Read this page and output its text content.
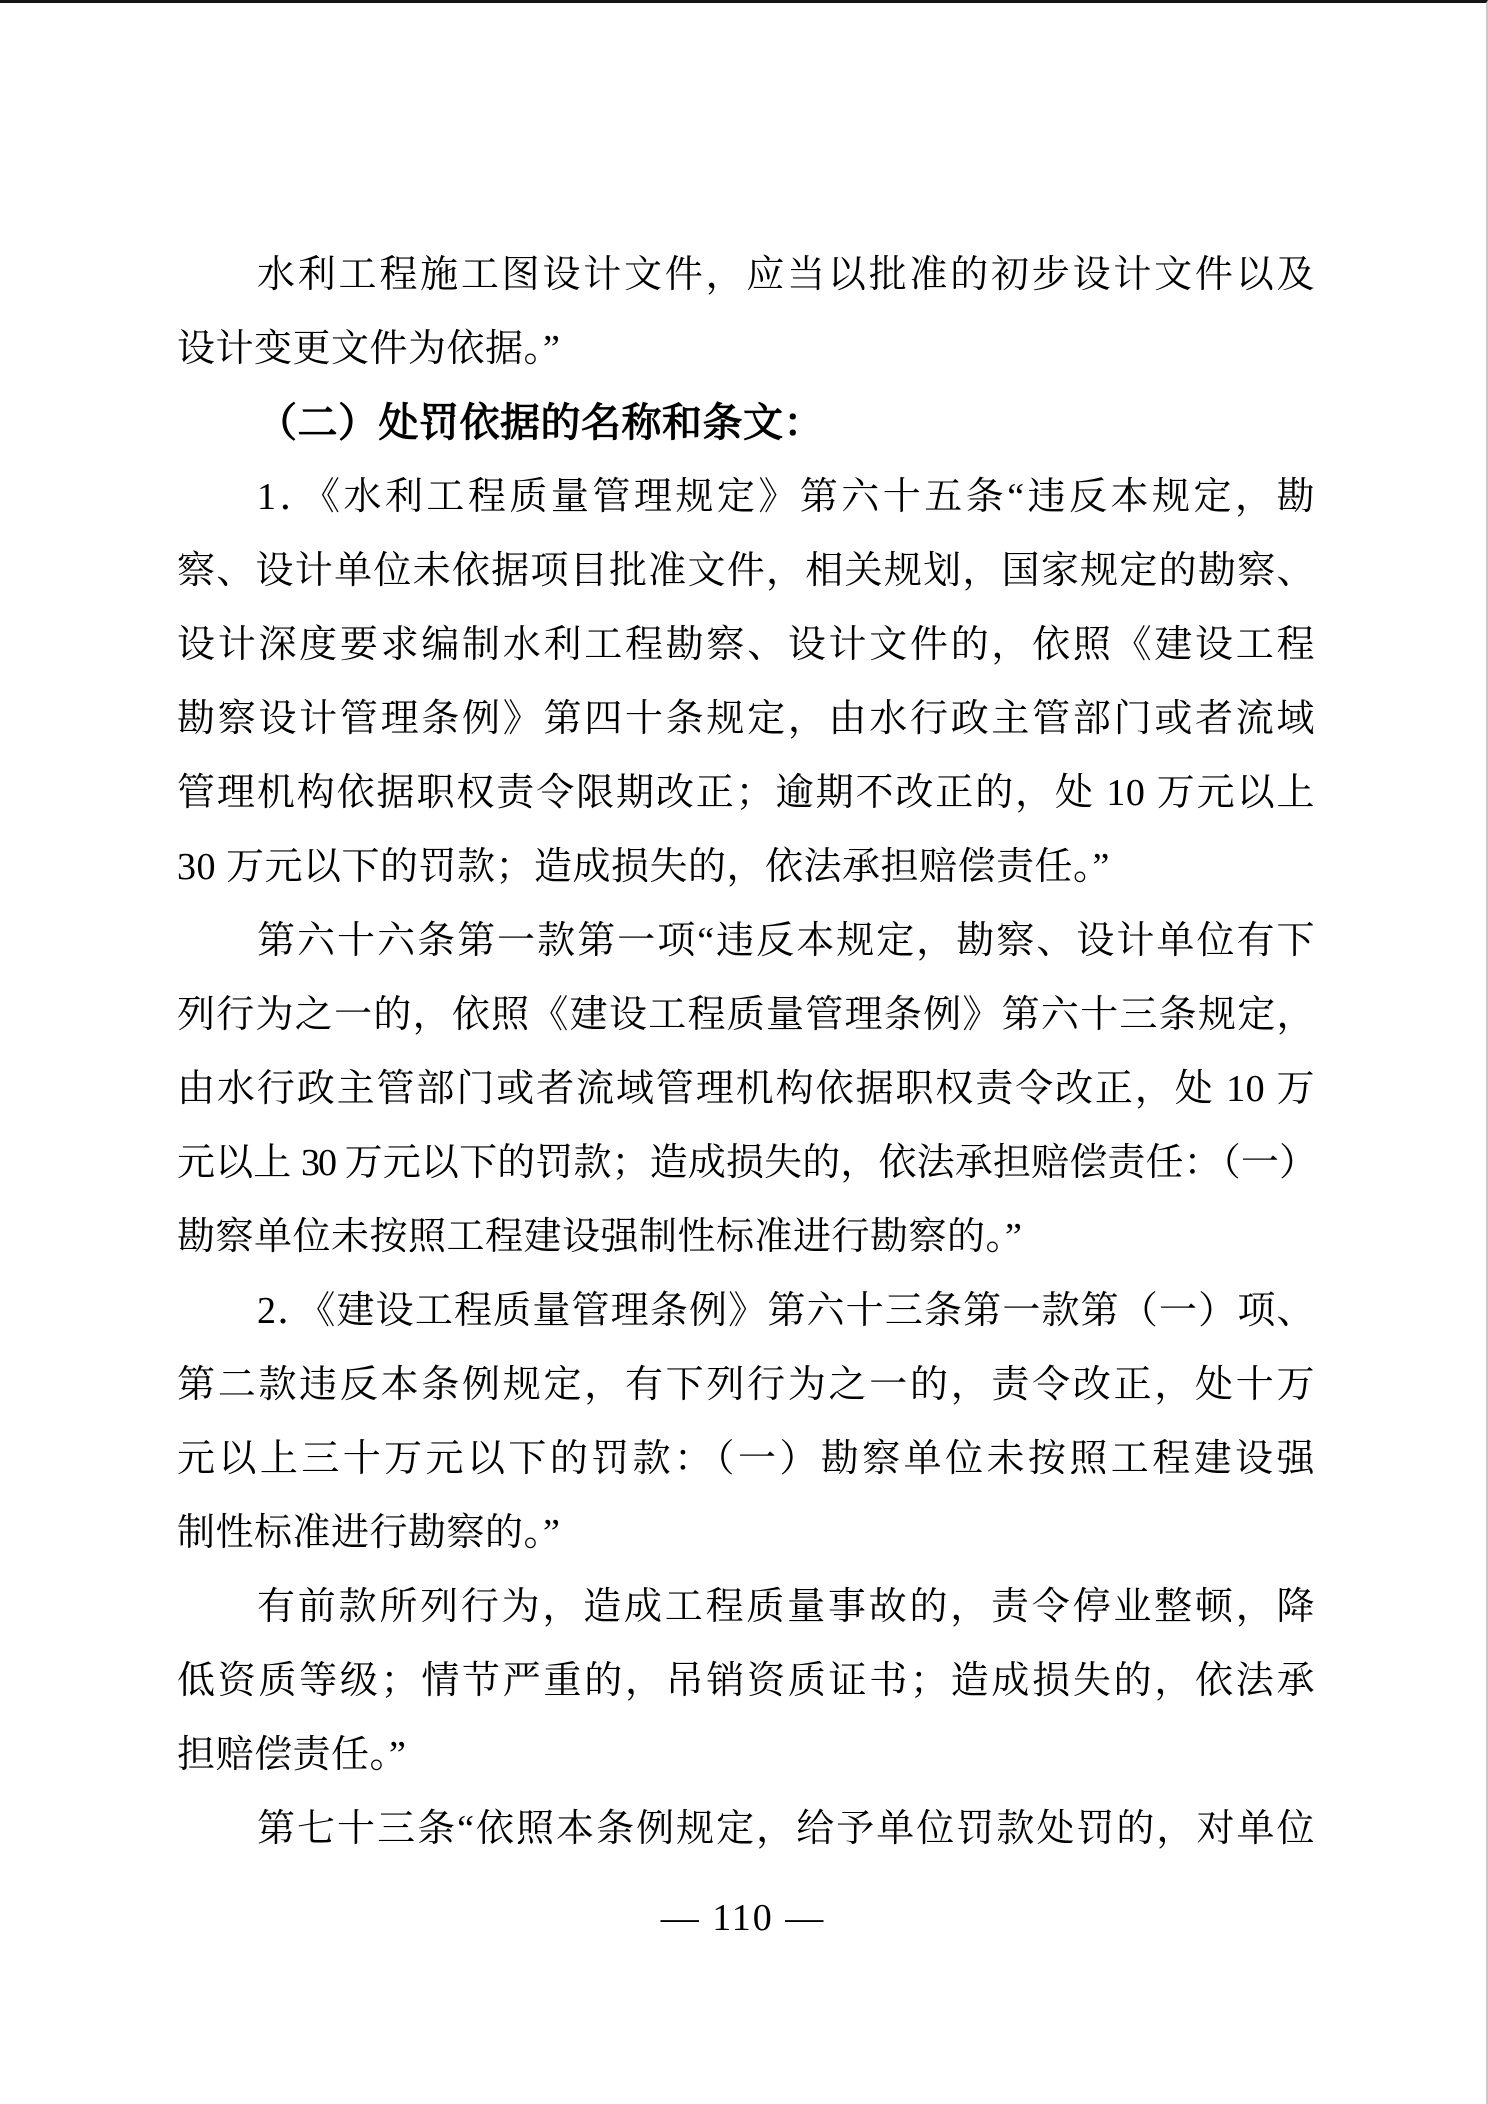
水利工程施工图设计文件，应当以批准的初步设计文件以及
设计变更文件为依据。”
（二）处罚依据的名称和条文：
1．《水利工程质量管理规定》第六十五条“违反本规定，勘
察、设计单位未依据项目批准文件，相关规划，国家规定的勘察、
设计深度要求编制水利工程勘察、设计文件的，依照《建设工程
勘察设计管理条例》第四十条规定，由水行政主管部门或者流域
管理机构依据职权责令限期改正；逾期不改正的，处 10 万元以上
30 万元以下的罚款；造成损失的，依法承担赔偿责任。”
第六十六条第一款第一项“违反本规定，勘察、设计单位有下
列行为之一的，依照《建设工程质量管理条例》第六十三条规定，
由水行政主管部门或者流域管理机构依据职权责令改正，处 10 万
元以上 30 万元以下的罚款；造成损失的，依法承担赔偿责任：（一）
勘察单位未按照工程建设强制性标准进行勘察的。”
2．《建设工程质量管理条例》第六十三条第一款第（一）项、
第二款违反本条例规定，有下列行为之一的，责令改正，处十万
元以上三十万元以下的罚款：（一）勘察单位未按照工程建设强
制性标准进行勘察的。”
有前款所列行为，造成工程质量事故的，责令停业整顿，降
低资质等级；情节严重的，吊销资质证书；造成损失的，依法承
担赔偿责任。”
第七十三条“依照本条例规定，给予单位罚款处罚的，对单位
— 110 —
